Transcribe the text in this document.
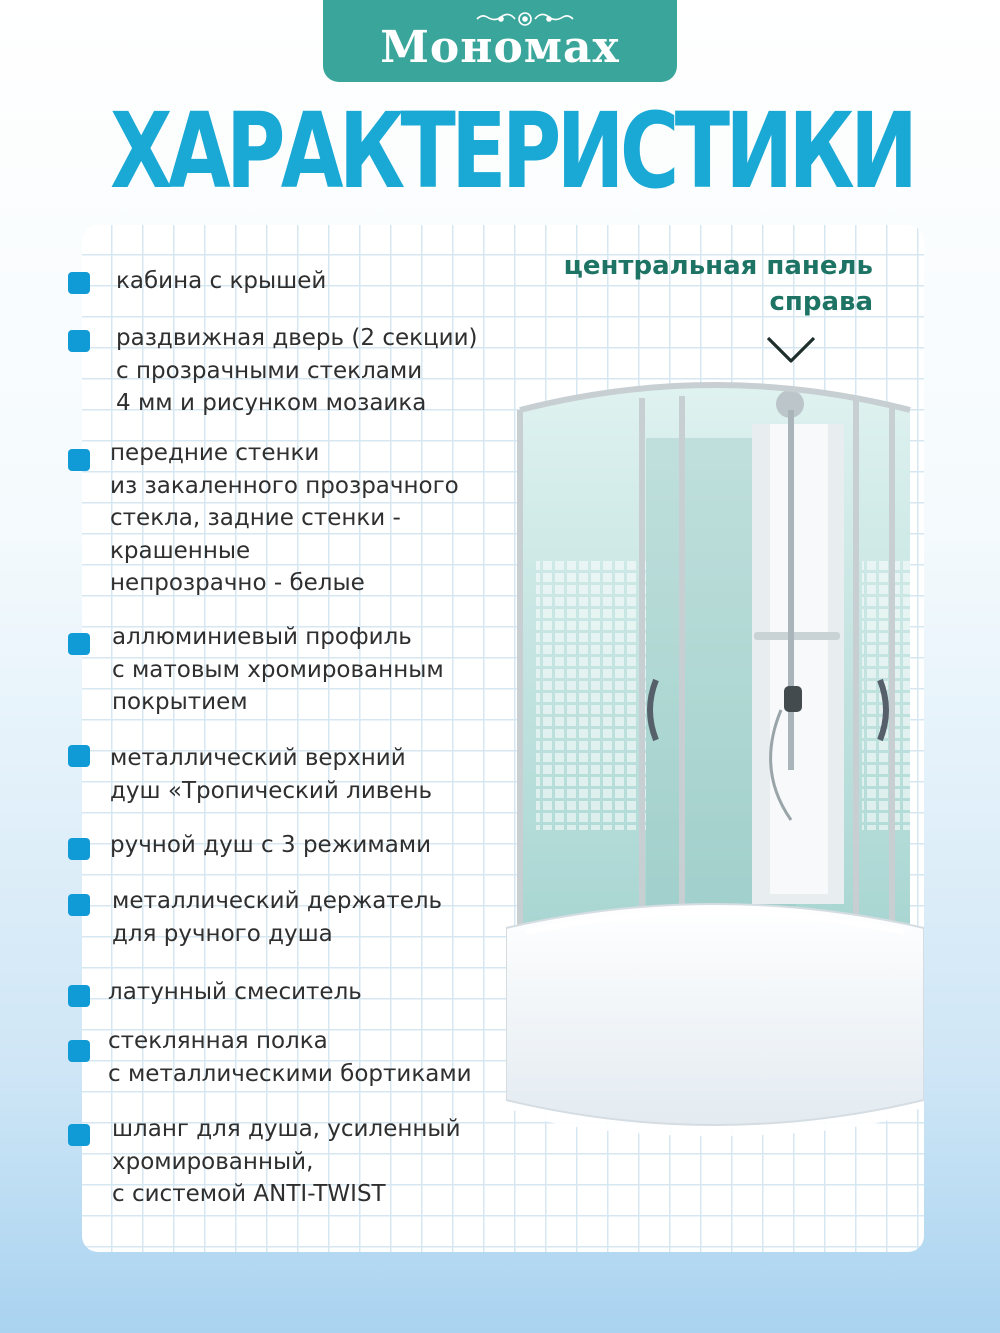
Мономах
ХАРАКТЕРИСТИКИ
центральная панель
справа
кабина с крышей
раздвижная дверь (2 секции)
с прозрачными стеклами
4 мм и рисунком мозаика
передние стенки
из закаленного прозрачного
стекла, задние стенки -
крашенные
непрозрачно - белые
аллюминиевый профиль
с матовым хромированным
покрытием
металлический верхний
душ «Тропический ливень
ручной душ с 3 режимами
металлический держатель
для ручного душа
латунный смеситель
стеклянная полка
с металлическими бортиками
шланг для душа, усиленный
хромированный,
с системой ANTI-TWIST
